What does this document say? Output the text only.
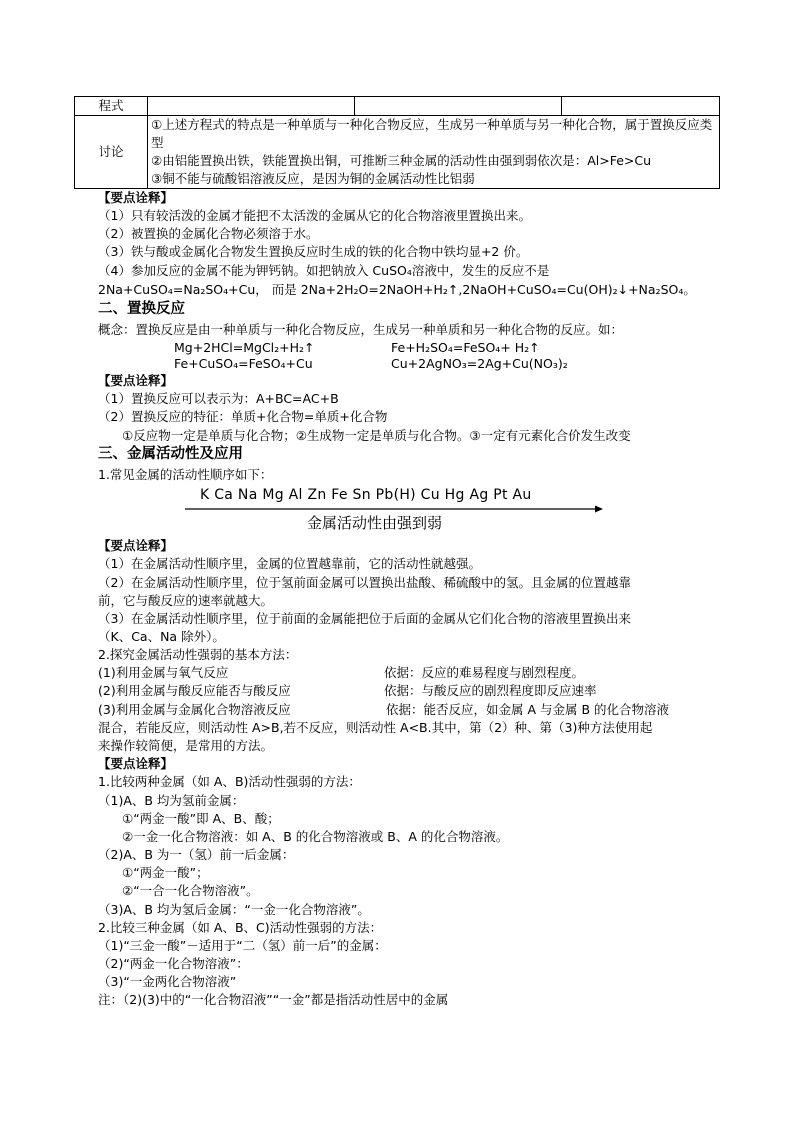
程式			
讨论	①上述方程式的特点是一种单质与一种化合物反应，生成另一种单质与另一种化合物，属于置换反应类型
②由铝能置换出铁，铁能置换出铜，可推断三种金属的活动性由强到弱依次是：Al>Fe>Cu
③铜不能与硫酸铝溶液反应，是因为铜的金属活动性比铝弱		
【要点诠释】
（1）只有较活泼的金属才能把不太活泼的金属从它的化合物溶液里置换出来。
（2）被置换的金属化合物必须溶于水。
（3）铁与酸或金属化合物发生置换反应时生成的铁的化合物中铁均显+2 价。
（4）参加反应的金属不能为钾钙钠。如把钠放入 CuSO₄溶液中，发生的反应不是
2Na+CuSO₄=Na₂SO₄+Cu， 而是 2Na+2H₂O=2NaOH+H₂↑,2NaOH+CuSO₄=Cu(OH)₂↓+Na₂SO₄。
二、置换反应
概念：置换反应是由一种单质与一种化合物反应，生成另一种单质和另一种化合物的反应。如：
Mg+2HCl=MgCl₂+H₂↑	Fe+H₂SO₄=FeSO₄+ H₂↑
Fe+CuSO₄=FeSO₄+Cu	Cu+2AgNO₃=2Ag+Cu(NO₃)₂
【要点诠释】
（1）置换反应可以表示为：A+BC=AC+B
（2）置换反应的特征：单质+化合物=单质+化合物
①反应物一定是单质与化合物；②生成物一定是单质与化合物。③一定有元素化合价发生改变
三、金属活动性及应用
1.常见金属的活动性顺序如下：
K Ca Na Mg Al Zn Fe Sn Pb(H) Cu Hg Ag Pt Au
金属活动性由强到弱
【要点诠释】
（1）在金属活动性顺序里，金属的位置越靠前，它的活动性就越强。
（2）在金属活动性顺序里，位于氢前面金属可以置换出盐酸、稀硫酸中的氢。且金属的位置越靠
前，它与酸反应的速率就越大。
（3）在金属活动性顺序里，位于前面的金属能把位于后面的金属从它们化合物的溶液里置换出来
（K、Ca、Na 除外）。
2.探究金属活动性强弱的基本方法：
(1)利用金属与氧气反应	依据：反应的难易程度与剧烈程度。
(2)利用金属与酸反应能否与酸反应	依据：与酸反应的剧烈程度即反应速率
(3)利用金属与金属化合物溶液反应	依据：能否反应，如金属 A 与金属 B 的化合物溶液
混合，若能反应，则活动性 A>B,若不反应，则活动性 A<B.其中，第（2）种、第（3)种方法使用起
来操作较简便，是常用的方法。
【要点诠释】
1.比较两种金属（如 A、B)活动性强弱的方法：
（1)A、B 均为氢前金属：
①“两金一酸”即 A、B、酸；
②一金一化合物溶液：如 A、B 的化合物溶液或 B、A 的化合物溶液。
（2)A、B 为一（氢）前一后金属：
①“两金一酸”；
②“一合一化合物溶液”。
（3)A、B 均为氢后金属：“一金一化合物溶液”。
2.比较三种金属（如 A、B、C)活动性强弱的方法：
（1)“三金一酸”－适用于“二（氢）前一后”的金属：
（2)“两金一化合物溶液”：
（3)“一金两化合物溶液”
注：（2)(3)中的“一化合物沼液”“一金”都是指活动性居中的金属
